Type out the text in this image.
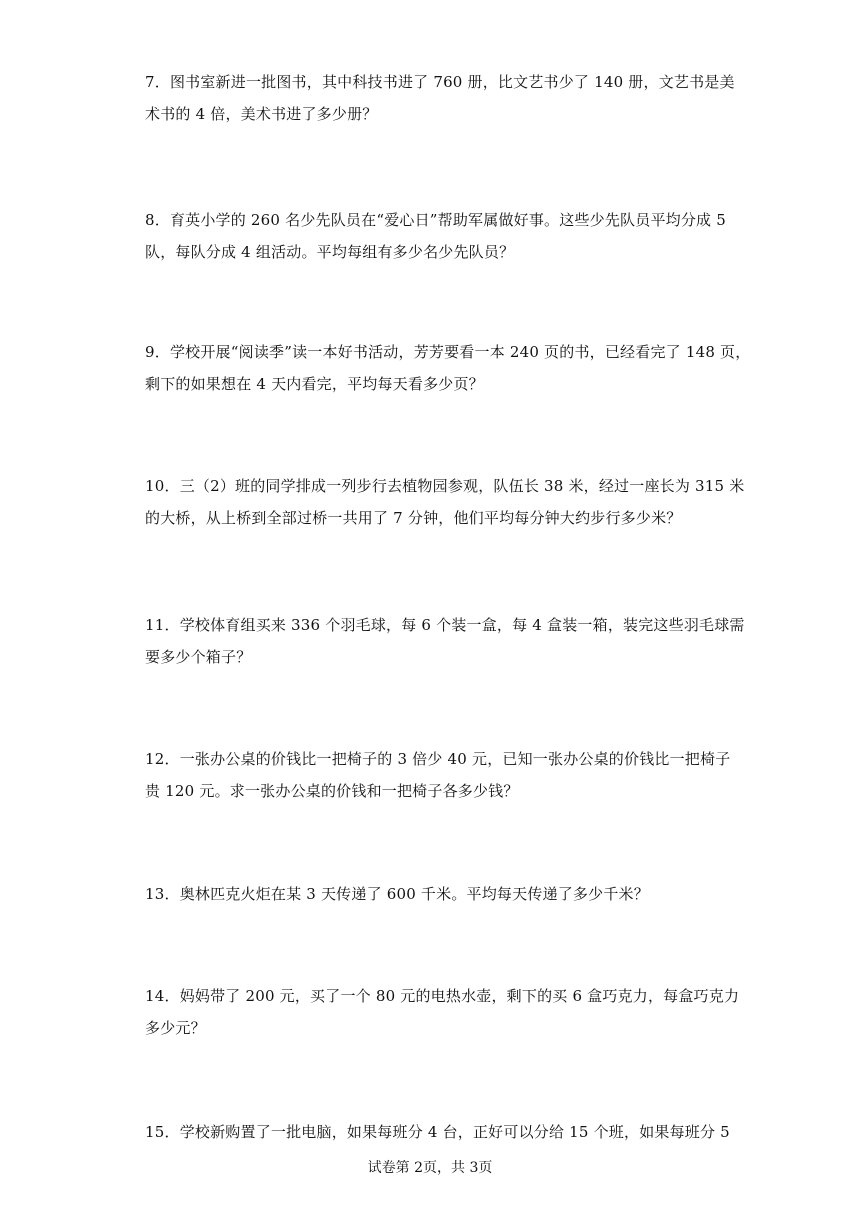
7．图书室新进一批图书，其中科技书进了 760 册，比文艺书少了 140 册，文艺书是美
术书的 4 倍，美术书进了多少册？
8．育英小学的 260 名少先队员在“爱心日”帮助军属做好事。这些少先队员平均分成 5
队，每队分成 4 组活动。平均每组有多少名少先队员？
9．学校开展“阅读季”读一本好书活动，芳芳要看一本 240 页的书，已经看完了 148 页，
剩下的如果想在 4 天内看完，平均每天看多少页？
10．三（2）班的同学排成一列步行去植物园参观，队伍长 38 米，经过一座长为 315 米
的大桥，从上桥到全部过桥一共用了 7 分钟，他们平均每分钟大约步行多少米？
11．学校体育组买来 336 个羽毛球，每 6 个装一盒，每 4 盒装一箱，装完这些羽毛球需
要多少个箱子？
12．一张办公桌的价钱比一把椅子的 3 倍少 40 元，已知一张办公桌的价钱比一把椅子
贵 120 元。求一张办公桌的价钱和一把椅子各多少钱？
13．奥林匹克火炬在某 3 天传递了 600 千米。平均每天传递了多少千米？
14．妈妈带了 200 元，买了一个 80 元的电热水壶，剩下的买 6 盒巧克力，每盒巧克力
多少元？
15．学校新购置了一批电脑，如果每班分 4 台，正好可以分给 15 个班，如果每班分 5
试卷第 2页，共 3页
